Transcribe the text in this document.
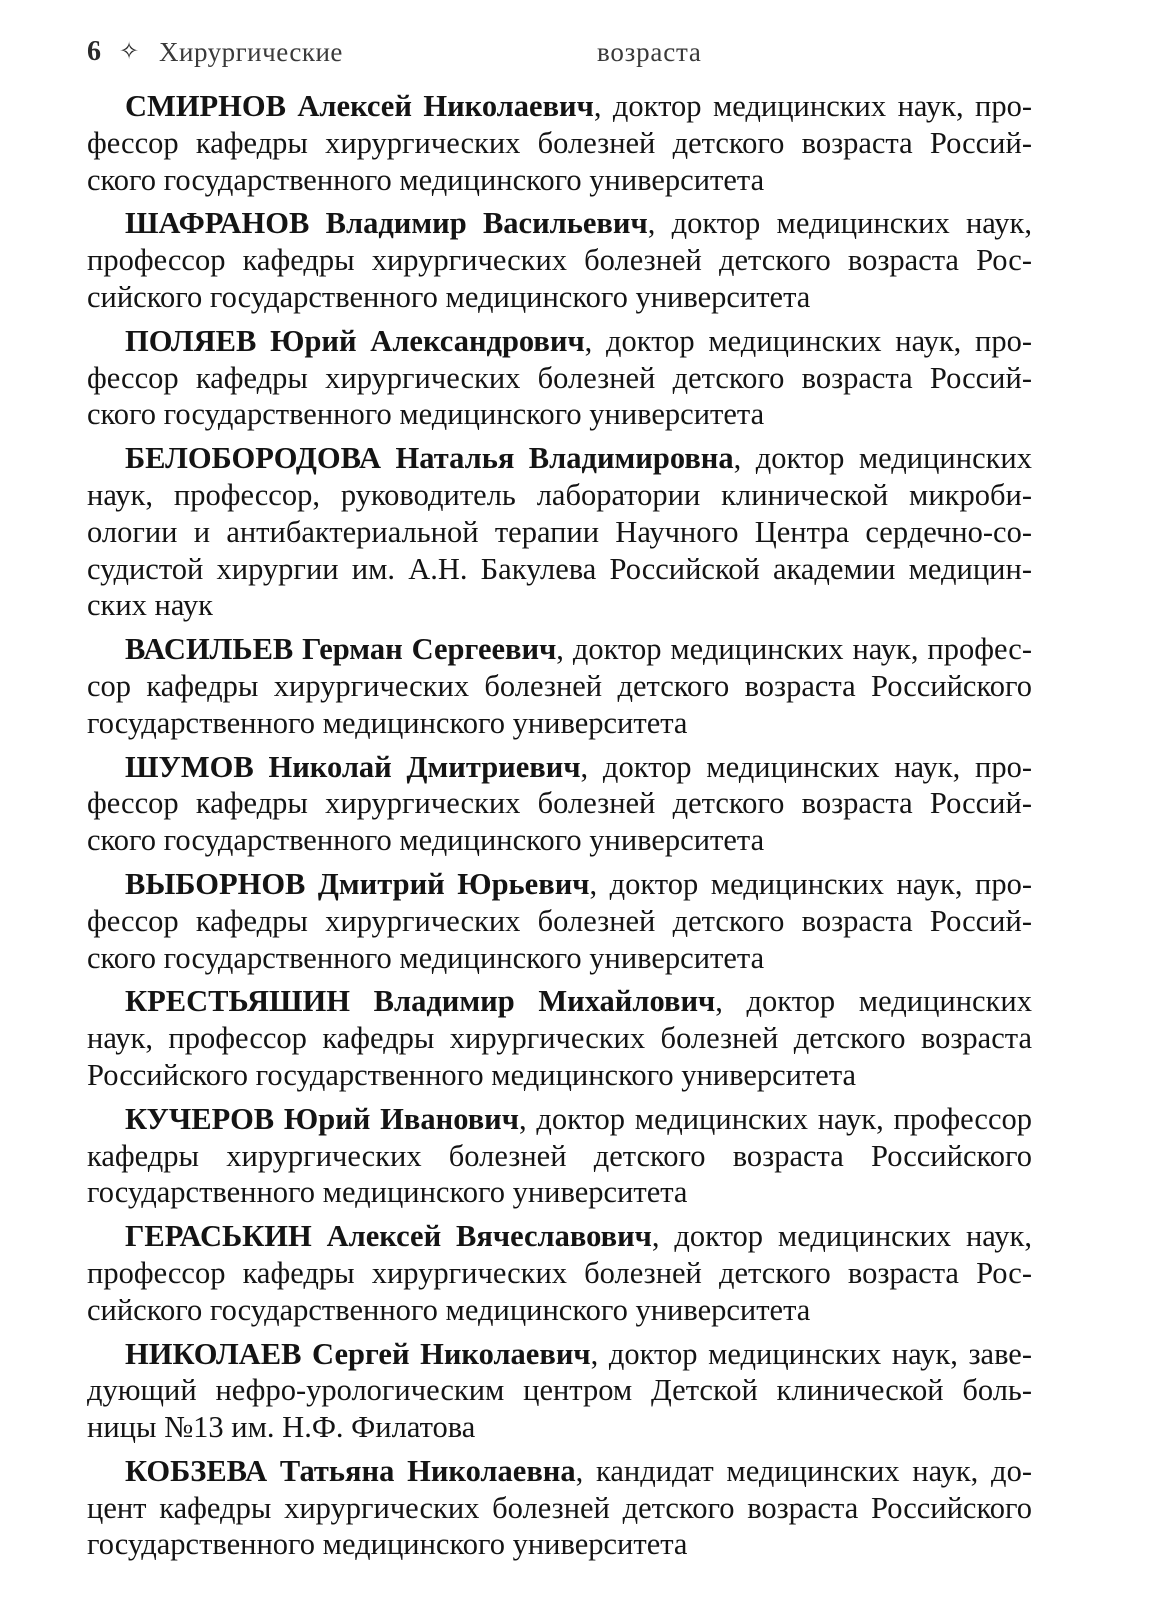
6 ✧ Хирургические	возраста

СМИРНОВ Алексей Николаевич, доктор медицинских наук, профессор кафедры хирургических болезней детского возраста Российского государственного медицинского университета

ШАФРАНОВ Владимир Васильевич, доктор медицинских наук, профессор кафедры хирургических болезней детского возраста Российского государственного медицинского университета

ПОЛЯЕВ Юрий Александрович, доктор медицинских наук, профессор кафедры хирургических болезней детского возраста Российского государственного медицинского университета

БЕЛОБОРОДОВА Наталья Владимировна, доктор медицинских наук, профессор, руководитель лаборатории клинической микробиологии и антибактериальной терапии Научного Центра сердечно-сосудистой хирургии им. А.Н. Бакулева Российской академии медицинских наук

ВАСИЛЬЕВ Герман Сергеевич, доктор медицинских наук, профессор кафедры хирургических болезней детского возраста Российского государственного медицинского университета

ШУМОВ Николай Дмитриевич, доктор медицинских наук, профессор кафедры хирургических болезней детского возраста Российского государственного медицинского университета

ВЫБОРНОВ Дмитрий Юрьевич, доктор медицинских наук, профессор кафедры хирургических болезней детского возраста Российского государственного медицинского университета

КРЕСТЬЯШИН Владимир Михайлович, доктор медицинских наук, профессор кафедры хирургических болезней детского возраста Российского государственного медицинского университета

КУЧЕРОВ Юрий Иванович, доктор медицинских наук, профессор кафедры хирургических болезней детского возраста Российского государственного медицинского университета

ГЕРАСЬКИН Алексей Вячеславович, доктор медицинских наук, профессор кафедры хирургических болезней детского возраста Российского государственного медицинского университета

НИКОЛАЕВ Сергей Николаевич, доктор медицинских наук, заведующий нефро-урологическим центром Детской клинической больницы №13 им. Н.Ф. Филатова

КОБЗЕВА Татьяна Николаевна, кандидат медицинских наук, доцент кафедры хирургических болезней детского возраста Российского государственного медицинского университета
